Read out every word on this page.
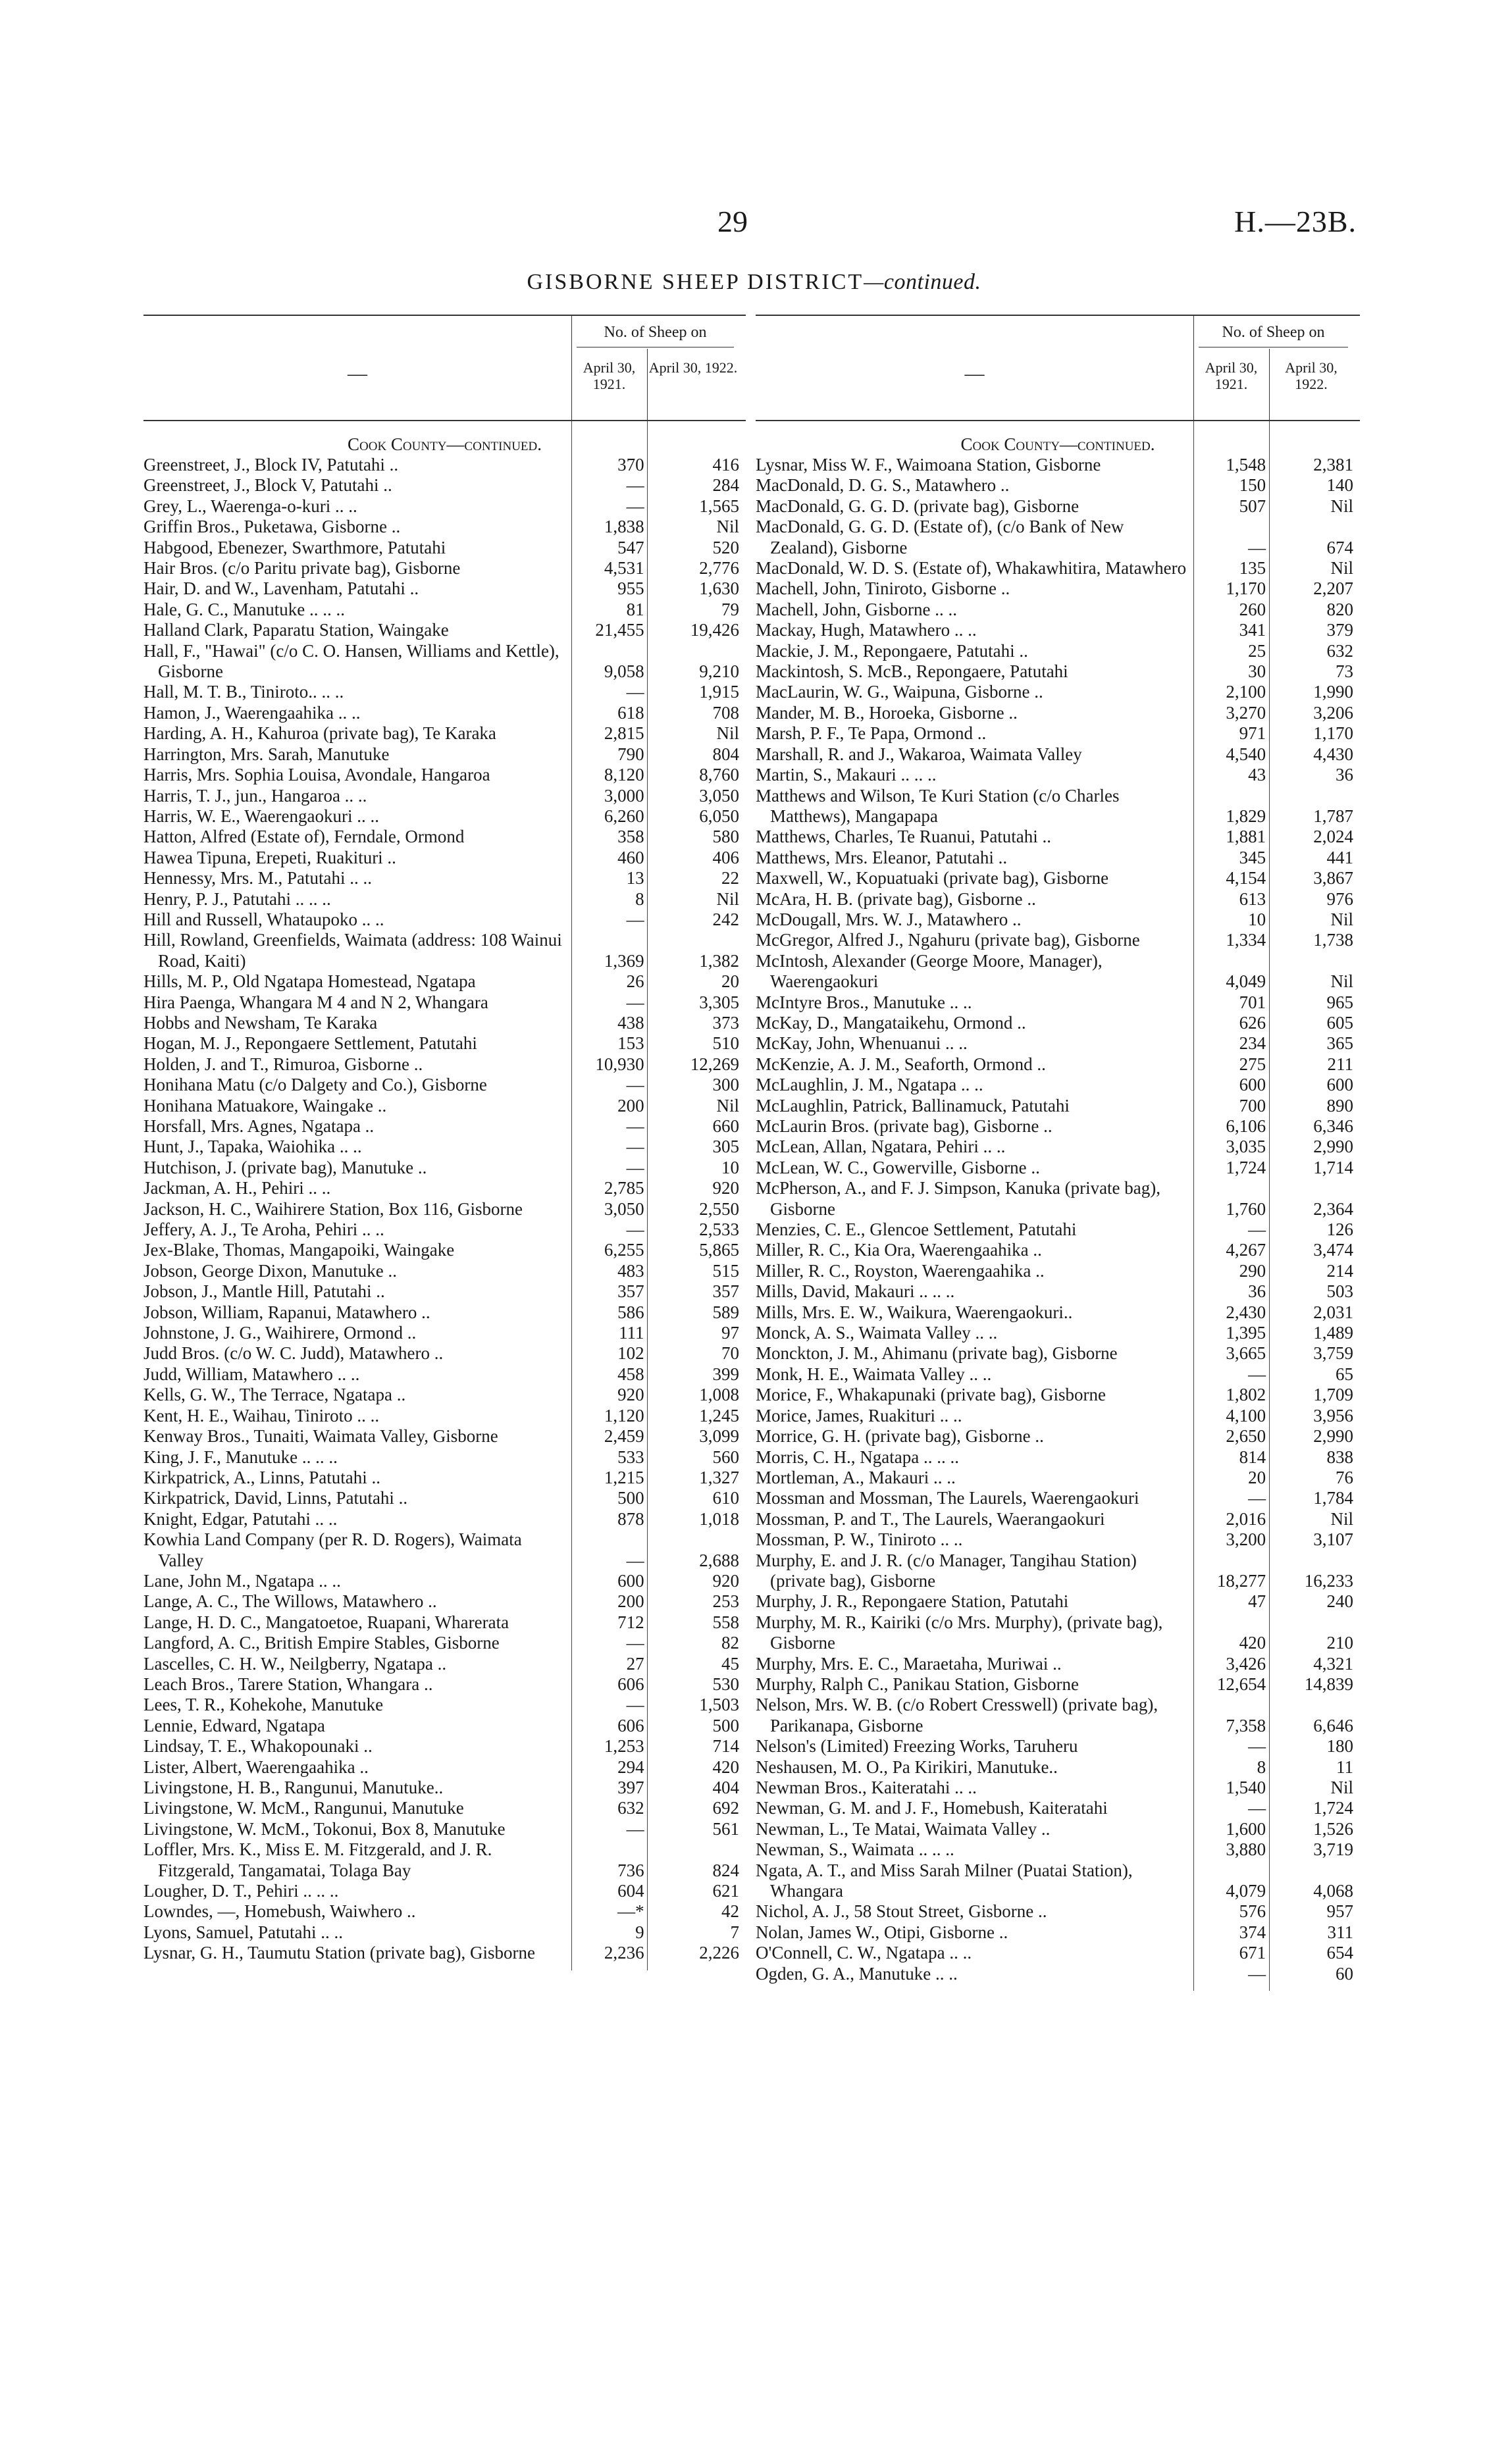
29	H.—23B.
GISBORNE SHEEP DISTRICT—continued.
—
No. of Sheep on
April 30, 1921.
April 30, 1922.
Cook County—continued.
Greenstreet, J., Block IV, Patutahi ..	370	416
Greenstreet, J., Block V, Patutahi ..	—	284
Grey, L., Waerenga-o-kuri .. ..	—	1,565
Griffin Bros., Puketawa, Gisborne ..	1,838	Nil
Habgood, Ebenezer, Swarthmore, Patutahi	547	520
Hair Bros. (c/o Paritu private bag), Gisborne	4,531	2,776
Hair, D. and W., Lavenham, Patutahi ..	955	1,630
Hale, G. C., Manutuke .. .. ..	81	79
Halland Clark, Paparatu Station, Waingake	21,455	19,426
Hall, F., "Hawai" (c/o C. O. Hansen, Williams and Kettle), Gisborne	9,058	9,210
Hall, M. T. B., Tiniroto.. .. ..	—	1,915
Hamon, J., Waerengaahika .. ..	618	708
Harding, A. H., Kahuroa (private bag), Te Karaka	2,815	Nil
Harrington, Mrs. Sarah, Manutuke	790	804
Harris, Mrs. Sophia Louisa, Avondale, Hangaroa	8,120	8,760
Harris, T. J., jun., Hangaroa .. ..	3,000	3,050
Harris, W. E., Waerengaokuri .. ..	6,260	6,050
Hatton, Alfred (Estate of), Ferndale, Ormond	358	580
Hawea Tipuna, Erepeti, Ruakituri ..	460	406
Hennessy, Mrs. M., Patutahi .. ..	13	22
Henry, P. J., Patutahi .. .. ..	8	Nil
Hill and Russell, Whataupoko .. ..	—	242
Hill, Rowland, Greenfields, Waimata (address: 108 Wainui Road, Kaiti)	1,369	1,382
Hills, M. P., Old Ngatapa Homestead, Ngatapa	26	20
Hira Paenga, Whangara M 4 and N 2, Whangara	—	3,305
Hobbs and Newsham, Te Karaka	438	373
Hogan, M. J., Repongaere Settlement, Patutahi	153	510
Holden, J. and T., Rimuroa, Gisborne ..	10,930	12,269
Honihana Matu (c/o Dalgety and Co.), Gisborne	—	300
Honihana Matuakore, Waingake ..	200	Nil
Horsfall, Mrs. Agnes, Ngatapa ..	—	660
Hunt, J., Tapaka, Waiohika .. ..	—	305
Hutchison, J. (private bag), Manutuke ..	—	10
Jackman, A. H., Pehiri .. ..	2,785	920
Jackson, H. C., Waihirere Station, Box 116, Gisborne	3,050	2,550
Jeffery, A. J., Te Aroha, Pehiri .. ..	—	2,533
Jex-Blake, Thomas, Mangapoiki, Waingake	6,255	5,865
Jobson, George Dixon, Manutuke ..	483	515
Jobson, J., Mantle Hill, Patutahi ..	357	357
Jobson, William, Rapanui, Matawhero ..	586	589
Johnstone, J. G., Waihirere, Ormond ..	111	97
Judd Bros. (c/o W. C. Judd), Matawhero ..	102	70
Judd, William, Matawhero .. ..	458	399
Kells, G. W., The Terrace, Ngatapa ..	920	1,008
Kent, H. E., Waihau, Tiniroto .. ..	1,120	1,245
Kenway Bros., Tunaiti, Waimata Valley, Gisborne	2,459	3,099
King, J. F., Manutuke .. .. ..	533	560
Kirkpatrick, A., Linns, Patutahi ..	1,215	1,327
Kirkpatrick, David, Linns, Patutahi ..	500	610
Knight, Edgar, Patutahi .. ..	878	1,018
Kowhia Land Company (per R. D. Rogers), Waimata Valley	—	2,688
Lane, John M., Ngatapa .. ..	600	920
Lange, A. C., The Willows, Matawhero ..	200	253
Lange, H. D. C., Mangatoetoe, Ruapani, Wharerata	712	558
Langford, A. C., British Empire Stables, Gisborne	—	82
Lascelles, C. H. W., Neilgberry, Ngatapa ..	27	45
Leach Bros., Tarere Station, Whangara ..	606	530
Lees, T. R., Kohekohe, Manutuke	—	1,503
Lennie, Edward, Ngatapa	606	500
Lindsay, T. E., Whakopounaki ..	1,253	714
Lister, Albert, Waerengaahika ..	294	420
Livingstone, H. B., Rangunui, Manutuke..	397	404
Livingstone, W. McM., Rangunui, Manutuke	632	692
Livingstone, W. McM., Tokonui, Box 8, Manutuke	—	561
Loffler, Mrs. K., Miss E. M. Fitzgerald, and J. R. Fitzgerald, Tangamatai, Tolaga Bay	736	824
Lougher, D. T., Pehiri .. .. ..	604	621
Lowndes, —, Homebush, Waiwhero ..	—*	42
Lyons, Samuel, Patutahi .. ..	9	7
Lysnar, G. H., Taumutu Station (private bag), Gisborne	2,236	2,226
—
No. of Sheep on
April 30, 1921.
April 30, 1922.
Cook County—continued.
Lysnar, Miss W. F., Waimoana Station, Gisborne	1,548	2,381
MacDonald, D. G. S., Matawhero ..	150	140
MacDonald, G. G. D. (private bag), Gisborne	507	Nil
MacDonald, G. G. D. (Estate of), (c/o Bank of New Zealand), Gisborne	—	674
MacDonald, W. D. S. (Estate of), Whakawhitira, Matawhero	135	Nil
Machell, John, Tiniroto, Gisborne ..	1,170	2,207
Machell, John, Gisborne .. ..	260	820
Mackay, Hugh, Matawhero .. ..	341	379
Mackie, J. M., Repongaere, Patutahi ..	25	632
Mackintosh, S. McB., Repongaere, Patutahi	30	73
MacLaurin, W. G., Waipuna, Gisborne ..	2,100	1,990
Mander, M. B., Horoeka, Gisborne ..	3,270	3,206
Marsh, P. F., Te Papa, Ormond ..	971	1,170
Marshall, R. and J., Wakaroa, Waimata Valley	4,540	4,430
Martin, S., Makauri .. .. ..	43	36
Matthews and Wilson, Te Kuri Station (c/o Charles Matthews), Mangapapa	1,829	1,787
Matthews, Charles, Te Ruanui, Patutahi ..	1,881	2,024
Matthews, Mrs. Eleanor, Patutahi ..	345	441
Maxwell, W., Kopuatuaki (private bag), Gisborne	4,154	3,867
McAra, H. B. (private bag), Gisborne ..	613	976
McDougall, Mrs. W. J., Matawhero ..	10	Nil
McGregor, Alfred J., Ngahuru (private bag), Gisborne	1,334	1,738
McIntosh, Alexander (George Moore, Manager), Waerengaokuri	4,049	Nil
McIntyre Bros., Manutuke .. ..	701	965
McKay, D., Mangataikehu, Ormond ..	626	605
McKay, John, Whenuanui .. ..	234	365
McKenzie, A. J. M., Seaforth, Ormond ..	275	211
McLaughlin, J. M., Ngatapa .. ..	600	600
McLaughlin, Patrick, Ballinamuck, Patutahi	700	890
McLaurin Bros. (private bag), Gisborne ..	6,106	6,346
McLean, Allan, Ngatara, Pehiri .. ..	3,035	2,990
McLean, W. C., Gowerville, Gisborne ..	1,724	1,714
McPherson, A., and F. J. Simpson, Kanuka (private bag), Gisborne	1,760	2,364
Menzies, C. E., Glencoe Settlement, Patutahi	—	126
Miller, R. C., Kia Ora, Waerengaahika ..	4,267	3,474
Miller, R. C., Royston, Waerengaahika ..	290	214
Mills, David, Makauri .. .. ..	36	503
Mills, Mrs. E. W., Waikura, Waerengaokuri..	2,430	2,031
Monck, A. S., Waimata Valley .. ..	1,395	1,489
Monckton, J. M., Ahimanu (private bag), Gisborne	3,665	3,759
Monk, H. E., Waimata Valley .. ..	—	65
Morice, F., Whakapunaki (private bag), Gisborne	1,802	1,709
Morice, James, Ruakituri .. ..	4,100	3,956
Morrice, G. H. (private bag), Gisborne ..	2,650	2,990
Morris, C. H., Ngatapa .. .. ..	814	838
Mortleman, A., Makauri .. ..	20	76
Mossman and Mossman, The Laurels, Waerengaokuri	—	1,784
Mossman, P. and T., The Laurels, Waerangaokuri	2,016	Nil
Mossman, P. W., Tiniroto .. ..	3,200	3,107
Murphy, E. and J. R. (c/o Manager, Tangihau Station) (private bag), Gisborne	18,277	16,233
Murphy, J. R., Repongaere Station, Patutahi	47	240
Murphy, M. R., Kairiki (c/o Mrs. Murphy), (private bag), Gisborne	420	210
Murphy, Mrs. E. C., Maraetaha, Muriwai ..	3,426	4,321
Murphy, Ralph C., Panikau Station, Gisborne	12,654	14,839
Nelson, Mrs. W. B. (c/o Robert Cresswell) (private bag), Parikanapa, Gisborne	7,358	6,646
Nelson's (Limited) Freezing Works, Taruheru	—	180
Neshausen, M. O., Pa Kirikiri, Manutuke..	8	11
Newman Bros., Kaiteratahi .. ..	1,540	Nil
Newman, G. M. and J. F., Homebush, Kaiteratahi	—	1,724
Newman, L., Te Matai, Waimata Valley ..	1,600	1,526
Newman, S., Waimata .. .. ..	3,880	3,719
Ngata, A. T., and Miss Sarah Milner (Puatai Station), Whangara	4,079	4,068
Nichol, A. J., 58 Stout Street, Gisborne ..	576	957
Nolan, James W., Otipi, Gisborne ..	374	311
O'Connell, C. W., Ngatapa .. ..	671	654
Ogden, G. A., Manutuke .. ..	—	60
